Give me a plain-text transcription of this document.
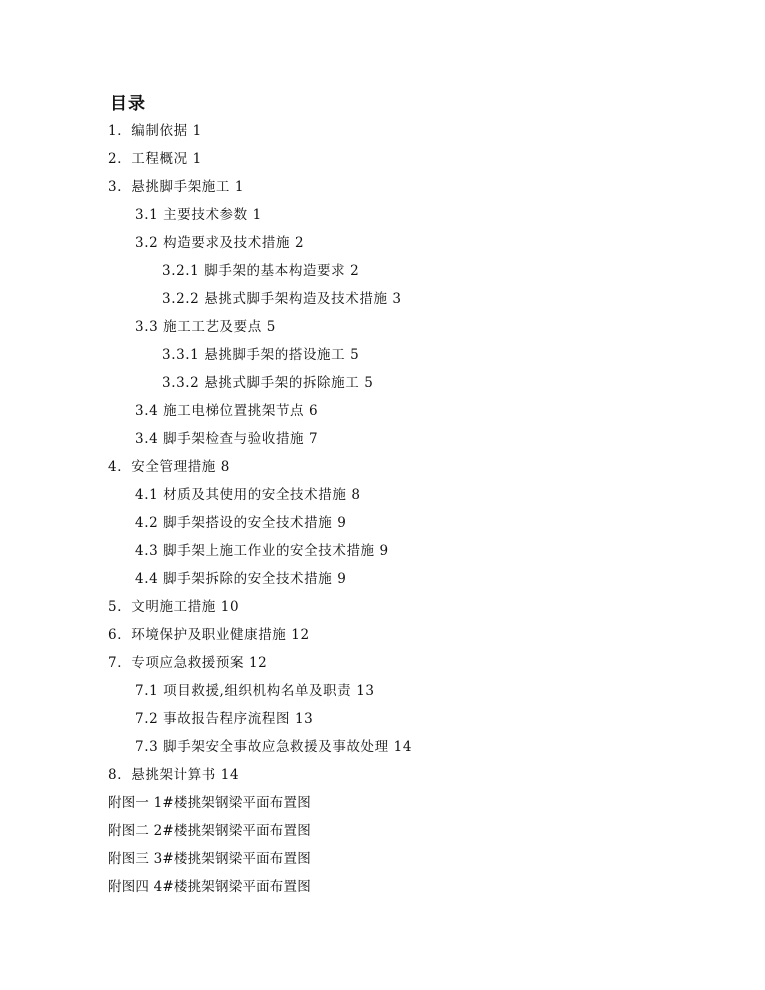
目录
1．编制依据 1
2．工程概况 1
3．悬挑脚手架施工 1
3.1 主要技术参数 1
3.2 构造要求及技术措施 2
3.2.1 脚手架的基本构造要求 2
3.2.2 悬挑式脚手架构造及技术措施 3
3.3 施工工艺及要点 5
3.3.1 悬挑脚手架的搭设施工 5
3.3.2 悬挑式脚手架的拆除施工 5
3.4 施工电梯位置挑架节点 6
3.4 脚手架检查与验收措施 7
4．安全管理措施 8
4.1 材质及其使用的安全技术措施 8
4.2 脚手架搭设的安全技术措施 9
4.3 脚手架上施工作业的安全技术措施 9
4.4 脚手架拆除的安全技术措施 9
5．文明施工措施 10
6．环境保护及职业健康措施 12
7．专项应急救援预案 12
7.1 项目救援,组织机构名单及职责 13
7.2 事故报告程序流程图 13
7.3 脚手架安全事故应急救援及事故处理 14
8．悬挑架计算书 14
附图一 1#楼挑架钢梁平面布置图
附图二 2#楼挑架钢梁平面布置图
附图三 3#楼挑架钢梁平面布置图
附图四 4#楼挑架钢梁平面布置图
